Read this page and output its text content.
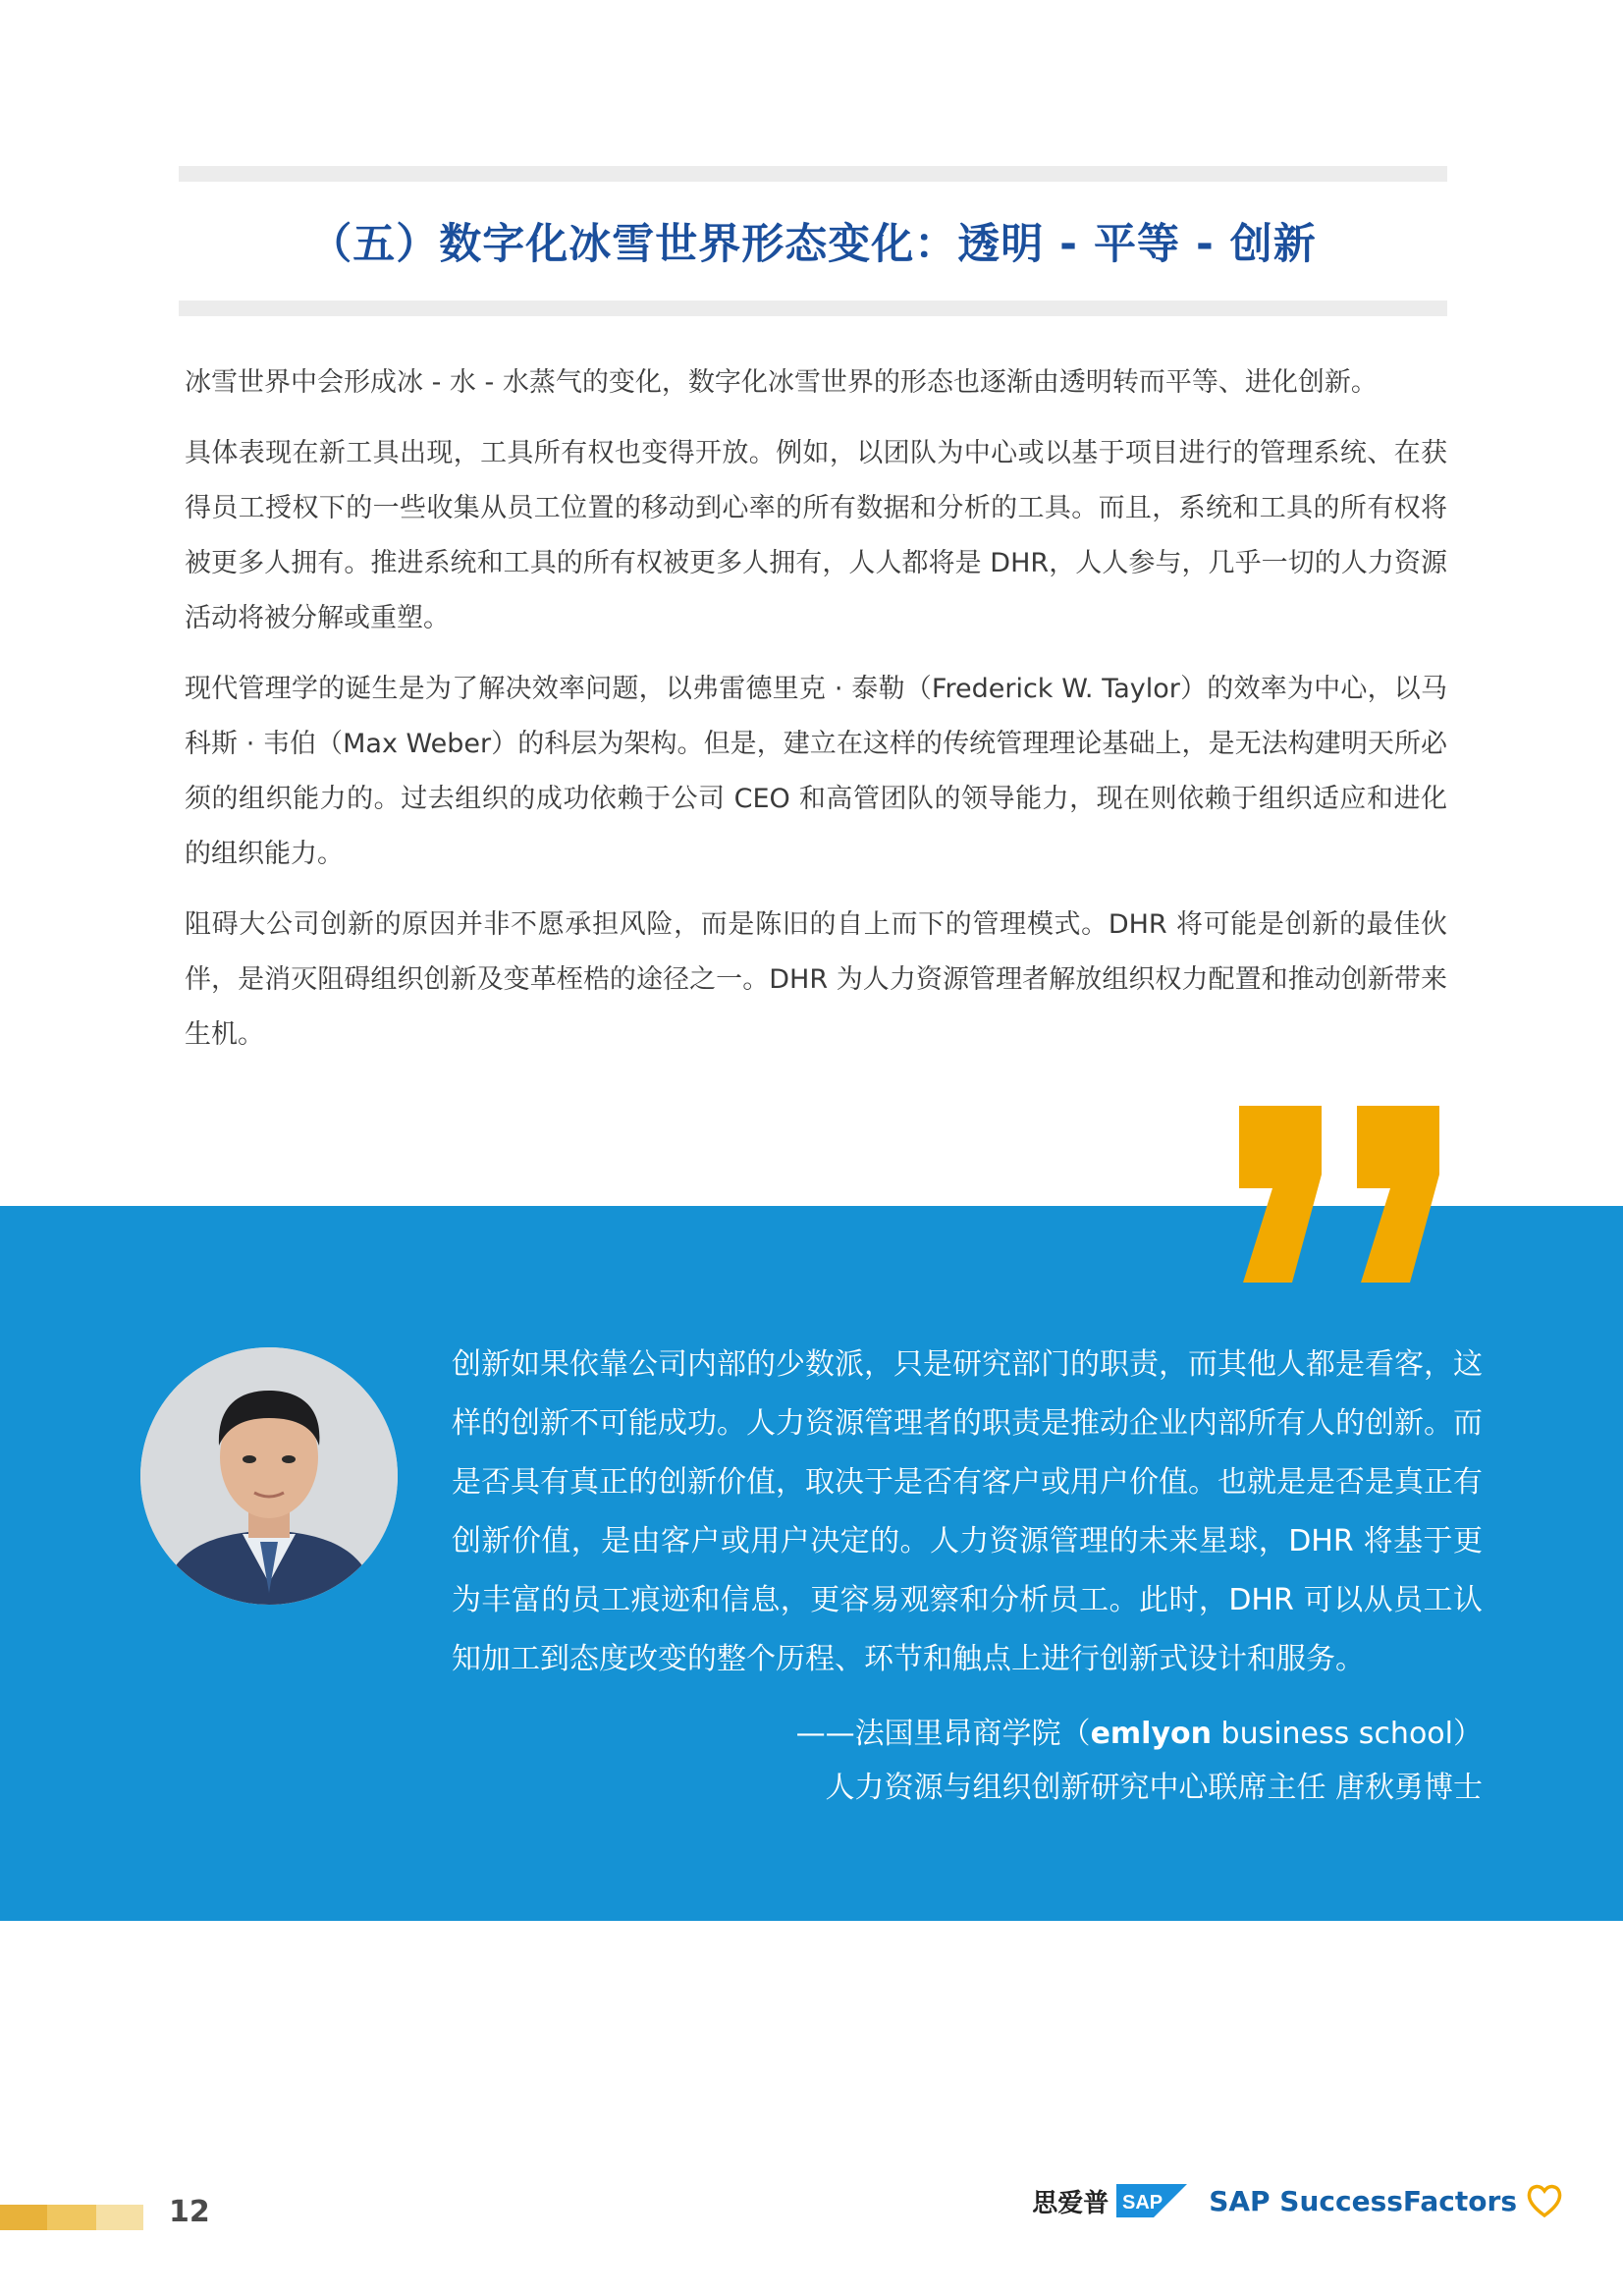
（五）数字化冰雪世界形态变化：透明 - 平等 - 创新

冰雪世界中会形成冰 - 水 - 水蒸气的变化，数字化冰雪世界的形态也逐渐由透明转而平等、进化创新。

具体表现在新工具出现，工具所有权也变得开放。例如，以团队为中心或以基于项目进行的管理系统、在获得员工授权下的一些收集从员工位置的移动到心率的所有数据和分析的工具。而且，系统和工具的所有权将被更多人拥有。推进系统和工具的所有权被更多人拥有，人人都将是 DHR，人人参与，几乎一切的人力资源活动将被分解或重塑。

现代管理学的诞生是为了解决效率问题，以弗雷德里克 · 泰勒（Frederick W. Taylor）的效率为中心，以马科斯 · 韦伯（Max Weber）的科层为架构。但是，建立在这样的传统管理理论基础上，是无法构建明天所必须的组织能力的。过去组织的成功依赖于公司 CEO 和高管团队的领导能力，现在则依赖于组织适应和进化的组织能力。

阻碍大公司创新的原因并非不愿承担风险，而是陈旧的自上而下的管理模式。DHR 将可能是创新的最佳伙伴，是消灭阻碍组织创新及变革桎梏的途径之一。DHR 为人力资源管理者解放组织权力配置和推动创新带来生机。

创新如果依靠公司内部的少数派，只是研究部门的职责，而其他人都是看客，这样的创新不可能成功。人力资源管理者的职责是推动企业内部所有人的创新。而是否具有真正的创新价值，取决于是否有客户或用户价值。也就是是否是真正有创新价值，是由客户或用户决定的。人力资源管理的未来星球，DHR 将基于更为丰富的员工痕迹和信息，更容易观察和分析员工。此时，DHR 可以从员工认知加工到态度改变的整个历程、环节和触点上进行创新式设计和服务。

——法国里昂商学院（emlyon business school）
人力资源与组织创新研究中心联席主任 唐秋勇博士

12	思爱普 SAP SAP SuccessFactors
